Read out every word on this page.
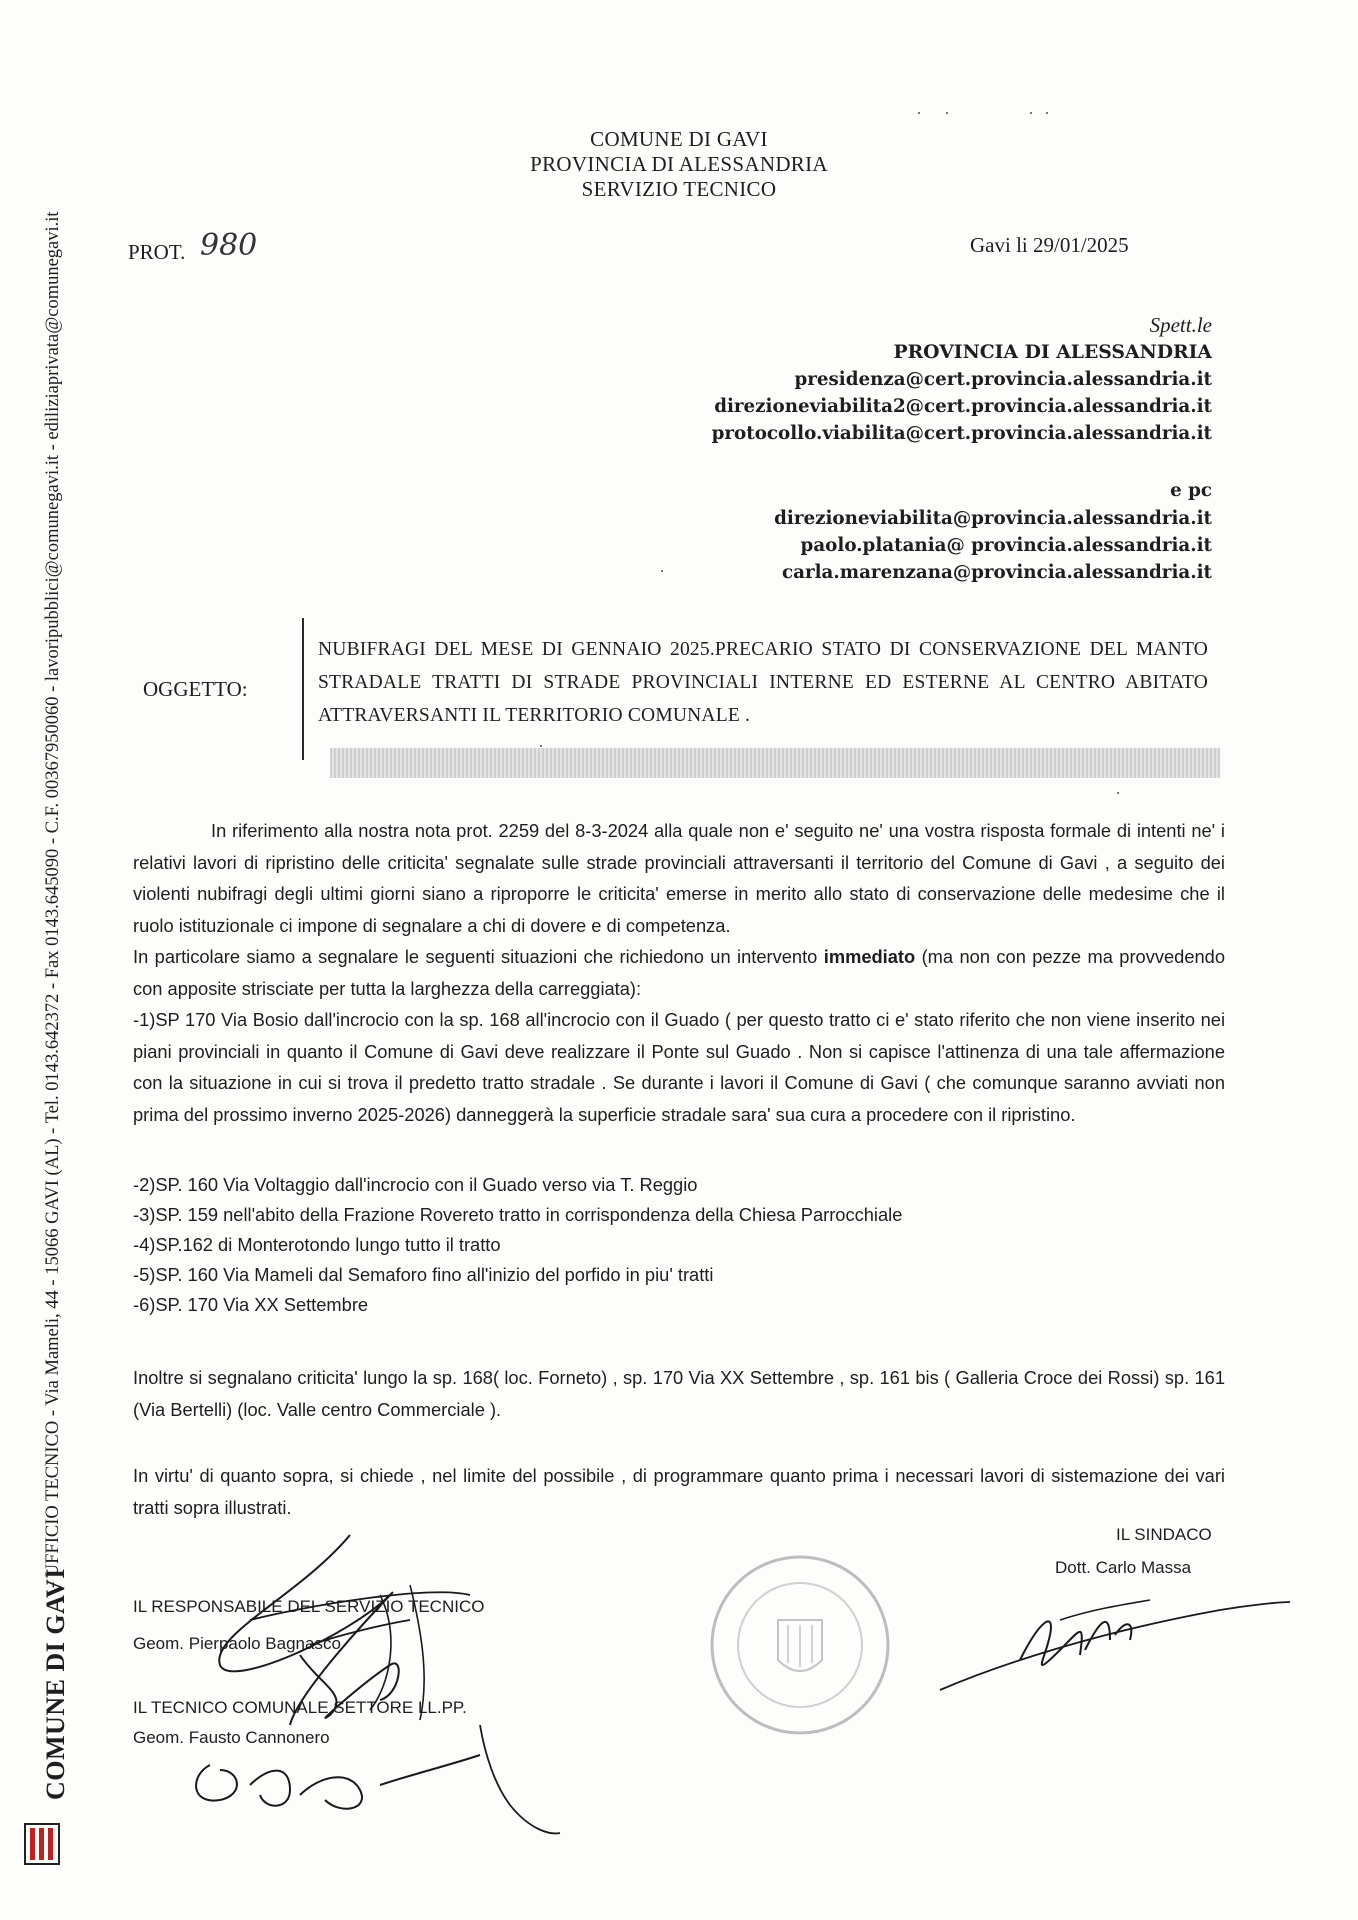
COMUNE DI GAVI
- UFFICIO TECNICO - Via Mameli, 44 - 15066 GAVI (AL) - Tel. 0143.642372 - Fax 0143.645090 - C.F. 00367950060 - lavoripubblici@comunegavi.it - ediliziaprivata@comunegavi.it
COMUNE DI GAVI
PROVINCIA DI ALESSANDRIA
SERVIZIO TECNICO
PROT. 980	Gavi li 29/01/2025
Spett.le
PROVINCIA DI ALESSANDRIA
presidenza@cert.provincia.alessandria.it
direzioneviabilita2@cert.provincia.alessandria.it
protocollo.viabilita@cert.provincia.alessandria.it
e pc
direzioneviabilita@provincia.alessandria.it
paolo.platania@ provincia.alessandria.it
carla.marenzana@provincia.alessandria.it
OGGETTO:
NUBIFRAGI DEL MESE DI GENNAIO 2025.PRECARIO STATO DI CONSERVAZIONE DEL MANTO STRADALE TRATTI DI STRADE PROVINCIALI INTERNE ED ESTERNE AL CENTRO ABITATO ATTRAVERSANTI IL TERRITORIO COMUNALE .
In riferimento alla nostra nota prot. 2259 del 8-3-2024 alla quale non e' seguito ne' una vostra risposta formale di intenti ne' i relativi lavori di ripristino delle criticita' segnalate sulle strade provinciali attraversanti il territorio del Comune di Gavi , a seguito dei violenti nubifragi degli ultimi giorni siano a riproporre le criticita' emerse in merito allo stato di conservazione delle medesime che il ruolo istituzionale ci impone di segnalare a chi di dovere e di competenza.
In particolare siamo a segnalare le seguenti situazioni che richiedono un intervento immediato (ma non con pezze ma provvedendo con apposite strisciate per tutta la larghezza della carreggiata):
-1)SP 170 Via Bosio dall'incrocio con la sp. 168 all'incrocio con il Guado ( per questo tratto ci e' stato riferito che non viene inserito nei piani provinciali in quanto il Comune di Gavi deve realizzare il Ponte sul Guado . Non si capisce l'attinenza di una tale affermazione con la situazione in cui si trova il predetto tratto stradale . Se durante i lavori il Comune di Gavi ( che comunque saranno avviati non prima del prossimo inverno 2025-2026) danneggerà la superficie stradale sara' sua cura a procedere con il ripristino.
-2)SP. 160 Via Voltaggio dall'incrocio con il Guado verso via T. Reggio
-3)SP. 159 nell'abito della Frazione Rovereto tratto in corrispondenza della Chiesa Parrocchiale
-4)SP.162 di Monterotondo lungo tutto il tratto
-5)SP. 160 Via Mameli dal Semaforo fino all'inizio del porfido in piu' tratti
-6)SP. 170 Via XX Settembre
Inoltre si segnalano criticita' lungo la sp. 168( loc. Forneto) , sp. 170 Via XX Settembre , sp. 161 bis ( Galleria Croce dei Rossi) sp. 161 (Via Bertelli) (loc. Valle centro Commerciale ).
In virtu' di quanto sopra, si chiede , nel limite del possibile , di programmare quanto prima i necessari lavori di sistemazione dei vari tratti sopra illustrati.
IL SINDACO
Dott. Carlo Massa
IL RESPONSABILE DEL SERVIZIO TECNICO
Geom. Pierpaolo Bagnasco
IL TECNICO COMUNALE SETTORE LL.PP.
Geom. Fausto Cannonero
